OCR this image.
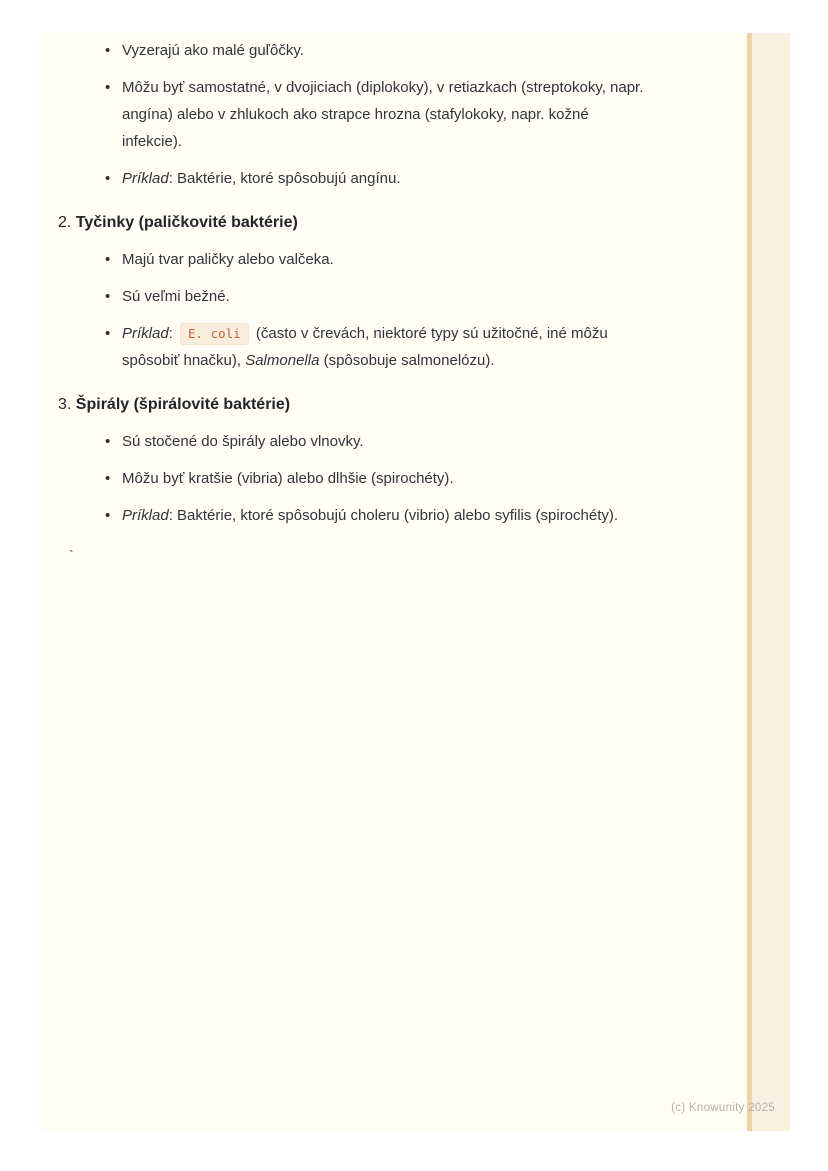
• Vyzerajú ako malé guľôčky.
• Môžu byť samostatné, v dvojiciach (diplokoky), v retiazkach (streptokoky, napr. angína) alebo v zhlukoch ako strapce hrozna (stafylokoky, napr. kožné infekcie).
• Príklad: Baktérie, ktoré spôsobujú angínu.
2. Tyčinky (paličkovité baktérie)
• Majú tvar paličky alebo valčeka.
• Sú veľmi bežné.
• Príklad: E. coli (často v črevách, niektoré typy sú užitočné, iné môžu spôsobiť hnačku), Salmonella (spôsobuje salmonelózu).
3. Špirály (špirálovité baktérie)
• Sú stočené do špirály alebo vlnovky.
• Môžu byť kratšie (vibria) alebo dlhšie (spirochéty).
• Príklad: Baktérie, ktoré spôsobujú choleru (vibrio) alebo syfilis (spirochéty).
`
(c) Knowunity 2025
